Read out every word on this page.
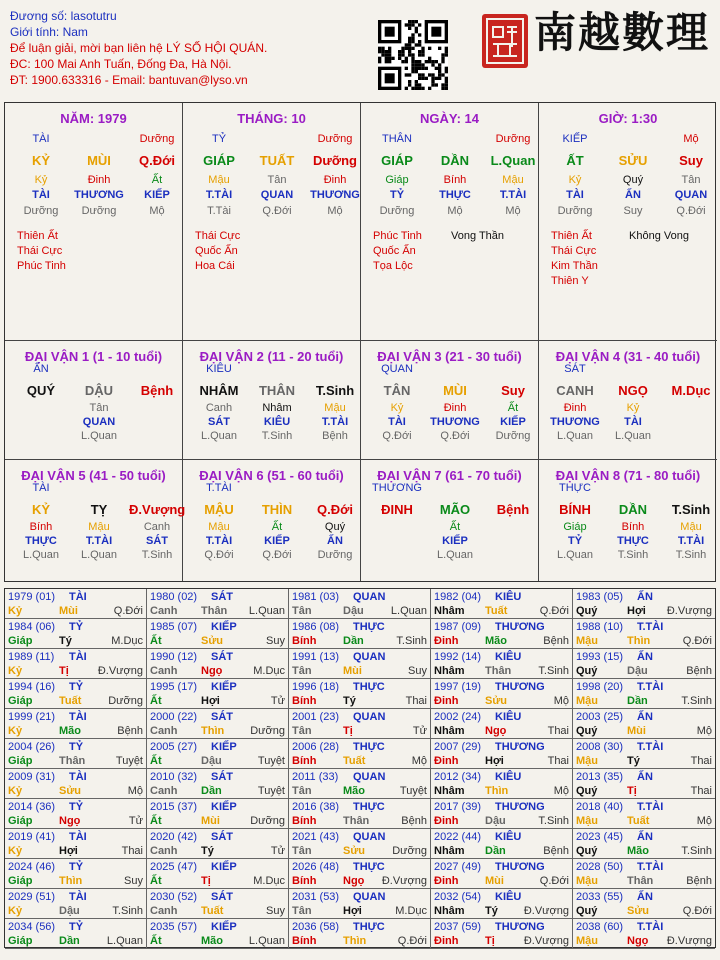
Đương số: lasotutru
Giới tính: Nam
Để luận giải, mời bạn liên hệ LÝ SỐ HỘI QUÁN.
ĐC: 100 Mai Anh Tuấn, Đống Đa, Hà Nội.
ĐT: 1900.633316 - Email: bantuvan@lyso.vn
南越數理
NĂM: 1979
TÀI	Dưỡng
KỶ	MÙI	Q.Đới
Kỷ	Đinh	Ất
TÀI	THƯƠNG	KIẾP
Dưỡng	Dưỡng	Mộ
Thiên Ất
Thái Cực
Phúc Tinh
THÁNG: 10
TỶ	Dưỡng
GIÁP	TUẤT	Dưỡng
Mậu	Tân	Đinh
T.TÀI	QUAN	THƯƠNG
T.Tài	Q.Đới	Mộ
Thái Cực
Quốc Ấn
Hoa Cái
NGÀY: 14
THÂN	Dưỡng
GIÁP	DẦN	L.Quan
Giáp	Bính	Mậu
TỶ	THỰC	T.TÀI
Dưỡng	Mộ	Mộ
Phúc Tinh
Quốc Ấn
Tọa Lộc
Vong Thần
GIỜ: 1:30
KIẾP	Mộ
ẤT	SỬU	Suy
Kỷ	Quý	Tân
TÀI	ẤN	QUAN
Dưỡng	Suy	Q.Đới
Thiên Ất
Thái Cực
Kim Thần
Thiên Y
Không Vong
ĐẠI VẬN 1 (1 - 10 tuổi)
ẤN
QUÝ	DẬU	Bệnh
Tân
QUAN
L.Quan
ĐẠI VẬN 2 (11 - 20 tuổi)
KIÊU
NHÂM	THÂN	T.Sinh
Canh	Nhâm	Mậu
SÁT	KIÊU	T.TÀI
L.Quan	T.Sinh	Bệnh
ĐẠI VẬN 3 (21 - 30 tuổi)
QUAN
TÂN	MÙI	Suy
Kỷ	Đinh	Ất
TÀI	THƯƠNG	KIẾP
Q.Đới	Q.Đới	Dưỡng
ĐẠI VẬN 4 (31 - 40 tuổi)
SÁT
CANH	NGỌ	M.Dục
Đinh	Kỷ
THƯƠNG	TÀI
L.Quan	L.Quan
ĐẠI VẬN 5 (41 - 50 tuổi)
TÀI
KỶ	TỴ	Đ.Vượng
Bính	Mậu	Canh
THỰC	T.TÀI	SÁT
L.Quan	L.Quan	T.Sinh
ĐẠI VẬN 6 (51 - 60 tuổi)
T.TÀI
MẬU	THÌN	Q.Đới
Mậu	Ất	Quý
T.TÀI	KIẾP	ẤN
Q.Đới	Q.Đới	Dưỡng
ĐẠI VẬN 7 (61 - 70 tuổi)
THƯƠNG
ĐINH	MÃO	Bệnh
Ất
KIẾP
L.Quan
ĐẠI VẬN 8 (71 - 80 tuổi)
THỰC
BÍNH	DẦN	T.Sinh
Giáp	Bính	Mậu
TỶ	THỰC	T.TÀI
L.Quan	T.Sinh	T.Sinh
1979 (01) TÀI
Kỷ	Mùi	Q.Đới
1980 (02) SÁT
Canh Thân L.Quan
1981 (03) QUAN
Tân	Dậu L.Quan
1982 (04) KIÊU
Nhâm Tuất	Q.Đới
1983 (05) ẤN
Quý	Hợi Đ.Vượng
1984 (06) TỶ
Giáp Tý	M.Dục
1985 (07) KIẾP
Ất	Sửu	Suy
1986 (08) THỰC
Bính Dần	T.Sinh
1987 (09) THƯƠNG
Đinh Mão	Bệnh
1988 (10) T.TÀI
Mậu	Thìn	Q.Đới
1989 (11) TÀI
Kỷ	Tị	Đ.Vượng
1990 (12) SÁT
Canh Ngọ	M.Dục
1991 (13) QUAN
Tân	Mùi	Suy
1992 (14) KIÊU
Nhâm Thân T.Sinh
1993 (15) ẤN
Quý	Dậu	Bệnh
1994 (16) TỶ
Giáp Tuất Dưỡng
1995 (17) KIẾP
Ất	Hợi	Tử
1996 (18) THỰC
Bính Tý	Thai
1997 (19) THƯƠNG
Đinh Sửu	Mộ
1998 (20) T.TÀI
Mậu	Dần	T.Sinh
1999 (21) TÀI
Kỷ	Mão	Bệnh
2000 (22) SÁT
Canh Thìn Dưỡng
2001 (23) QUAN
Tân	Tị	Tử
2002 (24) KIÊU
Nhâm Ngọ	Thai
2003 (25) ẤN
Quý	Mùi	Mộ
2004 (26) TỶ
Giáp Thân	Tuyệt
2005 (27) KIẾP
Ất	Dậu	Tuyệt
2006 (28) THỰC
Bính Tuất	Mộ
2007 (29) THƯƠNG
Đinh Hợi	Thai
2008 (30) T.TÀI
Mậu	Tý	Thai
2009 (31) TÀI
Kỷ	Sửu	Mộ
2010 (32) SÁT
Canh Dần	Tuyệt
2011 (33) QUAN
Tân	Mão	Tuyệt
2012 (34) KIÊU
Nhâm Thìn	Mộ
2013 (35) ẤN
Quý	Tị	Thai
2014 (36) TỶ
Giáp Ngọ	Tử
2015 (37) KIẾP
Ất	Mùi	Dưỡng
2016 (38) THỰC
Bính Thân	Bệnh
2017 (39) THƯƠNG
Đinh Dậu	T.Sinh
2018 (40) T.TÀI
Mậu	Tuất	Mộ
2019 (41) TÀI
Kỷ	Hợi	Thai
2020 (42) SÁT
Canh Tý	Tử
2021 (43) QUAN
Tân	Sửu Dưỡng
2022 (44) KIÊU
Nhâm Dần	Bệnh
2023 (45) ẤN
Quý	Mão	T.Sinh
2024 (46) TỶ
Giáp Thìn	Suy
2025 (47) KIẾP
Ất	Tị	M.Dục
2026 (48) THỰC
Bính Ngọ Đ.Vượng
2027 (49) THƯƠNG
Đinh Mùi	Q.Đới
2028 (50) T.TÀI
Mậu	Thân	Bệnh
2029 (51) TÀI
Kỷ	Dậu	T.Sinh
2030 (52) SÁT
Canh Tuất	Suy
2031 (53) QUAN
Tân	Hợi	M.Dục
2032 (54) KIÊU
Nhâm Tý Đ.Vượng
2033 (55) ẤN
Quý	Sửu	Q.Đới
2034 (56) TỶ
Giáp Dần L.Quan
2035 (57) KIẾP
Ất	Mão L.Quan
2036 (58) THỰC
Bính Thìn	Q.Đới
2037 (59) THƯƠNG
Đinh Tị	Đ.Vượng
2038 (60) T.TÀI
Mậu	Ngọ Đ.Vượng
